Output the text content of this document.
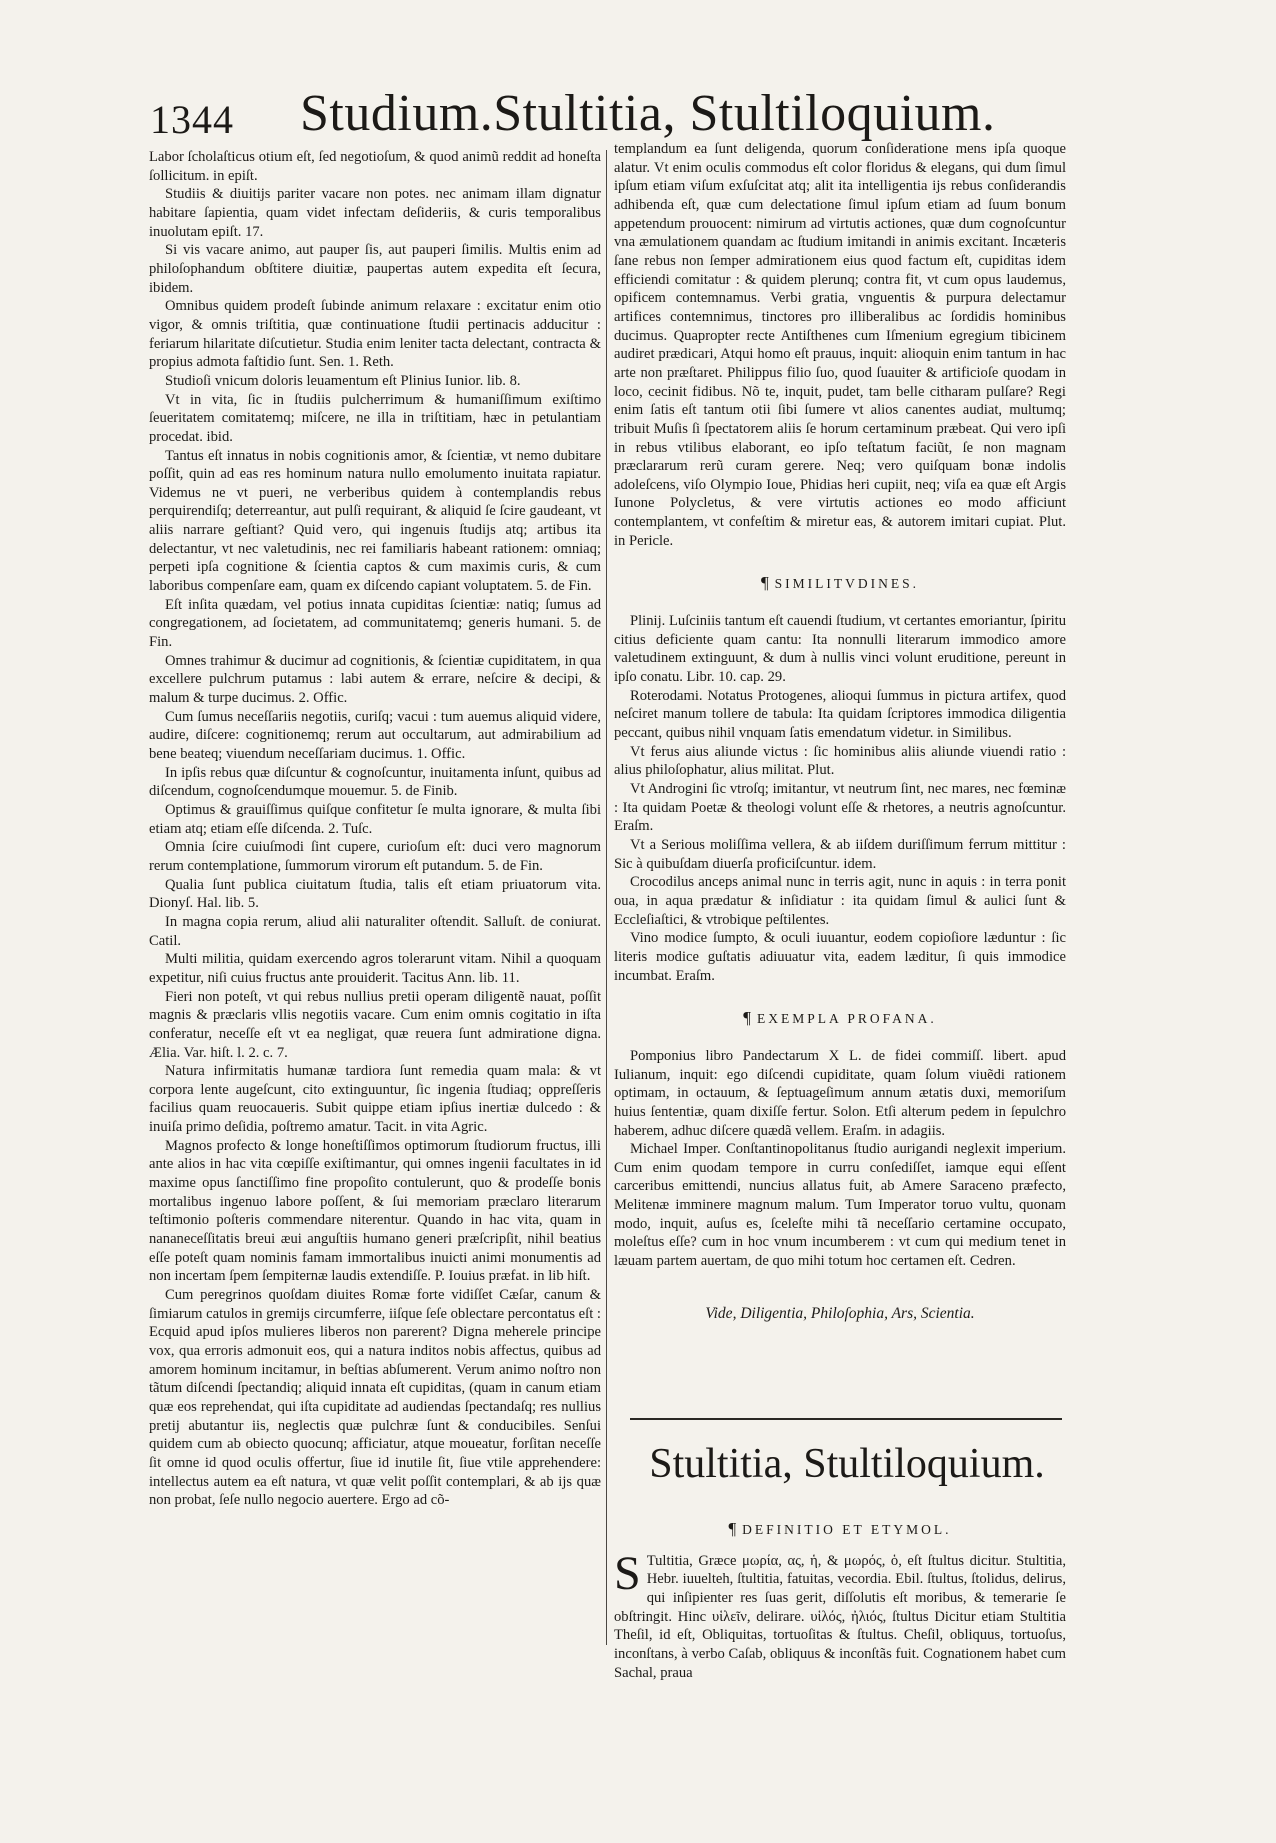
1344 Studium.Stultitia, Stultiloquium.

Labor ſcholaſticus otium eſt, ſed negotioſum, & quod animũ reddit ad honeſta ſollicitum. in epiſt.

Studiis & diuitijs pariter vacare non potes. nec animam illam dignatur habitare ſapientia, quam videt infectam deſideriis, & curis temporalibus inuolutam epiſt. 17.

Si vis vacare animo, aut pauper ſis, aut pauperi ſimilis. Multis enim ad philoſophandum obſtitere diuitiæ, paupertas autem expedita eſt ſecura, ibidem.

Omnibus quidem prodeſt ſubinde animum relaxare : excitatur enim otio vigor, & omnis triſtitia, quæ continuatione ſtudii pertinacis adducitur : feriarum hilaritate diſcutietur. Studia enim leniter tacta delectant, contracta & propius admota faſtidio ſunt. Sen. 1. Reth.

Studioſi vnicum doloris leuamentum eſt Plinius Iunior. lib. 8.

Vt in vita, ſic in ſtudiis pulcherrimum & humaniſſimum exiſtimo ſeueritatem comitatemq; miſcere, ne illa in triſtitiam, hæc in petulantiam procedat. ibid.

Tantus eſt innatus in nobis cognitionis amor, & ſcientiæ, vt nemo dubitare poſſit, quin ad eas res hominum natura nullo emolumento inuitata rapiatur. Videmus ne vt pueri, ne verberibus quidem à contemplandis rebus perquirendiſq; deterreantur, aut pulſi requirant, & aliquid ſe ſcire gaudeant, vt aliis narrare geſtiant? Quid vero, qui ingenuis ſtudijs atq; artibus ita delectantur, vt nec valetudinis, nec rei familiaris habeant rationem: omniaq; perpeti ipſa cognitione & ſcientia captos & cum maximis curis, & cum laboribus compenſare eam, quam ex diſcendo capiant voluptatem. 5. de Fin.

Eſt inſita quædam, vel potius innata cupiditas ſcientiæ: natiq; ſumus ad congregationem, ad ſocietatem, ad communitatemq; generis humani. 5. de Fin.

Omnes trahimur & ducimur ad cognitionis, & ſcientiæ cupiditatem, in qua excellere pulchrum putamus : labi autem & errare, neſcire & decipi, & malum & turpe ducimus. 2. Offic.

Cum ſumus neceſſariis negotiis, curiſq; vacui : tum auemus aliquid videre, audire, diſcere: cognitionemq; rerum aut occultarum, aut admirabilium ad bene beateq; viuendum neceſſariam ducimus. 1. Offic.

In ipſis rebus quæ diſcuntur & cognoſcuntur, inuitamenta inſunt, quibus ad diſcendum, cognoſcendumque mouemur. 5. de Finib.

Optimus & grauiſſimus quiſque confitetur ſe multa ignorare, & multa ſibi etiam atq; etiam eſſe diſcenda. 2. Tuſc.

Omnia ſcire cuiuſmodi ſint cupere, curioſum eſt: duci vero magnorum rerum contemplatione, ſummorum virorum eſt putandum. 5. de Fin.

Qualia ſunt publica ciuitatum ſtudia, talis eſt etiam priuatorum vita. Dionyſ. Hal. lib. 5.

In magna copia rerum, aliud alii naturaliter oſtendit. Salluſt. de coniurat. Catil.

Multi militia, quidam exercendo agros tolerarunt vitam. Nihil a quoquam expetitur, niſi cuius fructus ante prouiderit. Tacitus Ann. lib. 11.

Fieri non poteſt, vt qui rebus nullius pretii operam diligentẽ nauat, poſſit magnis & præclaris vllis negotiis vacare. Cum enim omnis cogitatio in iſta conferatur, neceſſe eſt vt ea negligat, quæ reuera ſunt admiratione digna. Ælia. Var. hiſt. l. 2. c. 7.

Natura infirmitatis humanæ tardiora ſunt remedia quam mala: & vt corpora lente augeſcunt, cito extinguuntur, ſic ingenia ſtudiaq; oppreſſeris facilius quam reuocaueris. Subit quippe etiam ipſius inertiæ dulcedo : & inuiſa primo deſidia, poſtremo amatur. Tacit. in vita Agric.

Magnos profecto & longe honeſtiſſimos optimorum ſtudiorum fructus, illi ante alios in hac vita cœpiſſe exiſtimantur, qui omnes ingenii facultates in id maxime opus ſanctiſſimo fine propoſito contulerunt, quo & prodeſſe bonis mortalibus ingenuo labore poſſent, & ſui memoriam præclaro literarum teſtimonio poſteris commendare niterentur. Quando in hac vita, quam in nananeceſſitatis breui æui anguſtiis humano generi præſcripſit, nihil beatius eſſe poteſt quam nominis famam immortalibus inuicti animi monumentis ad non incertam ſpem ſempiternæ laudis extendiſſe. P. Iouius præfat. in lib hiſt.

Cum peregrinos quoſdam diuites Romæ forte vidiſſet Cæſar, canum & ſimiarum catulos in gremijs circumferre, iiſque ſeſe oblectare percontatus eſt : Ecquid apud ipſos mulieres liberos non parerent? Digna meherele principe vox, qua erroris admonuit eos, qui a natura inditos nobis affectus, quibus ad amorem hominum incitamur, in beſtias abſumerent. Verum animo noſtro non tãtum diſcendi ſpectandiq; aliquid innata eſt cupiditas, (quam in canum etiam quæ eos reprehendat, qui iſta cupiditate ad audiendas ſpectandaſq; res nullius pretij abutantur iis, neglectis quæ pulchræ ſunt & conducibiles. Senſui quidem cum ab obiecto quocunq; afficiatur, atque moueatur, forſitan neceſſe ſit omne id quod oculis offertur, ſiue id inutile ſit, ſiue vtile apprehendere: intellectus autem ea eſt natura, vt quæ velit poſſit contemplari, & ab ijs quæ non probat, ſeſe nullo negocio auertere. Ergo ad cõ-

templandum ea ſunt deligenda, quorum conſideratione mens ipſa quoque alatur. Vt enim oculis commodus eſt color floridus & elegans, qui dum ſimul ipſum etiam viſum exſuſcitat atq; alit ita intelligentia ijs rebus conſiderandis adhibenda eſt, quæ cum delectatione ſimul ipſum etiam ad ſuum bonum appetendum prouocent: nimirum ad virtutis actiones, quæ dum cognoſcuntur vna æmulationem quandam ac ſtudium imitandi in animis excitant. Incæteris ſane rebus non ſemper admirationem eius quod factum eſt, cupiditas idem efficiendi comitatur : & quidem plerunq; contra fit, vt cum opus laudemus, opificem contemnamus. Verbi gratia, vnguentis & purpura delectamur artifices contemnimus, tinctores pro illiberalibus ac ſordidis hominibus ducimus. Quapropter recte Antiſthenes cum Iſmenium egregium tibicinem audiret prædicari, Atqui homo eſt prauus, inquit: alioquin enim tantum in hac arte non præſtaret. Philippus filio ſuo, quod ſuauiter & artificioſe quodam in loco, cecinit fidibus. Nõ te, inquit, pudet, tam belle citharam pulſare? Regi enim ſatis eſt tantum otii ſibi ſumere vt alios canentes audiat, multumq; tribuit Muſis ſi ſpectatorem aliis ſe horum certaminum præbeat. Qui vero ipſi in rebus vtilibus elaborant, eo ipſo teſtatum faciũt, ſe non magnam præclararum rerũ curam gerere. Neq; vero quiſquam bonæ indolis adoleſcens, viſo Olympio Ioue, Phidias heri cupiit, neq; viſa ea quæ eſt Argis Iunone Polycletus, & vere virtutis actiones eo modo afficiunt contemplantem, vt confeſtim & miretur eas, & autorem imitari cupiat. Plut. in Pericle.

¶ SIMILITVDINES.

Plinij. Luſciniis tantum eſt cauendi ſtudium, vt certantes emoriantur, ſpiritu citius deficiente quam cantu: Ita nonnulli literarum immodico amore valetudinem extinguunt, & dum à nullis vinci volunt eruditione, pereunt in ipſo conatu. Libr. 10. cap. 29.

Roterodami. Notatus Protogenes, alioqui ſummus in pictura artifex, quod neſciret manum tollere de tabula: Ita quidam ſcriptores immodica diligentia peccant, quibus nihil vnquam ſatis emendatum videtur. in Similibus.

Vt ferus aius aliunde victus : ſic hominibus aliis aliunde viuendi ratio : alius philoſophatur, alius militat. Plut.

Vt Androgini ſic vtroſq; imitantur, vt neutrum ſint, nec mares, nec fœminæ : Ita quidam Poetæ & theologi volunt eſſe & rhetores, a neutris agnoſcuntur. Eraſm.

Vt a Serious moliſſima vellera, & ab iiſdem duriſſimum ferrum mittitur : Sic à quibuſdam diuerſa proficiſcuntur. idem.

Crocodilus anceps animal nunc in terris agit, nunc in aquis : in terra ponit oua, in aqua prædatur & inſidiatur : ita quidam ſimul & aulici ſunt & Eccleſiaſtici, & vtrobique peſtilentes.

Vino modice ſumpto, & oculi iuuantur, eodem copioſiore læduntur : ſic literis modice guſtatis adiuuatur vita, eadem læditur, ſi quis immodice incumbat. Eraſm.

¶ EXEMPLA PROFANA.

Pomponius libro Pandectarum X L. de fidei commiſſ. libert. apud Iulianum, inquit: ego diſcendi cupiditate, quam ſolum viuẽdi rationem optimam, in octauum, & ſeptuageſimum annum ætatis duxi, memoriſum huius ſententiæ, quam dixiſſe fertur. Solon. Etſi alterum pedem in ſepulchro haberem, adhuc diſcere quædã vellem. Eraſm. in adagiis.

Michael Imper. Conſtantinopolitanus ſtudio aurigandi neglexit imperium. Cum enim quodam tempore in curru conſediſſet, iamque equi eſſent carceribus emittendi, nuncius allatus fuit, ab Amere Saraceno præfecto, Melitenæ imminere magnum malum. Tum Imperator toruo vultu, quonam modo, inquit, auſus es, ſceleſte mihi tã neceſſario certamine occupato, moleſtus eſſe? cum in hoc vnum incumberem : vt cum qui medium tenet in læuam partem auertam, de quo mihi totum hoc certamen eſt. Cedren.

Vide, Diligentia, Philoſophia, Ars, Scientia.
Stultitia, Stultiloquium.
¶ DEFINITIO ET ETYMOL.

S Tultitia, Græce μωρία, ας, ἡ, & μωρός, ὁ, eſt ſtultus dicitur. Stultitia, Hebr. iuuelteh, ſtultitia, fatuitas, vecordia. Ebil. ſtultus, ſtolidus, delirus, qui inſipienter res ſuas gerit, diſſolutis eſt moribus, & temerarie ſe obſtringit. Hinc υἱλεῖν, delirare. υἱλός, ἠλιός, ſtultus Dicitur etiam Stultitia Theſil, id eſt, Obliquitas, tortuoſitas & ſtultus. Cheſil, obliquus, tortuoſus, inconſtans, à verbo Caſab, obliquus & inconſtãs fuit. Cognationem habet cum Sachal, praua
